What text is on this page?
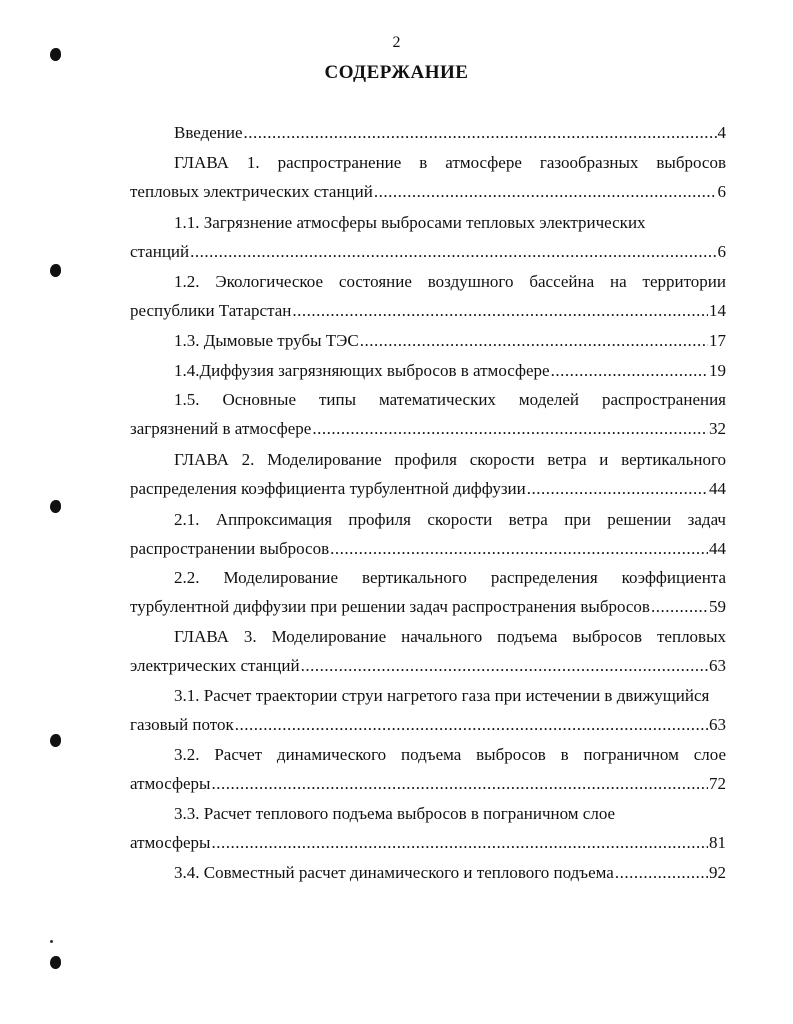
2
СОДЕРЖАНИЕ
Введение .....	4
ГЛАВА 1. распространение в атмосфере газообразных выбросов
тепловых электрических станций .....	6
1.1. Загрязнение атмосферы выбросами тепловых электрических
станций .....	6
1.2. Экологическое состояние воздушного бассейна на территории
республики Татарстан .....	14
1.3. Дымовые трубы ТЭС .....	17
1.4.Диффузия загрязняющих выбросов в атмосфере .....	19
1.5. Основные типы математических моделей распространения
загрязнений в атмосфере .....	32
ГЛАВА 2. Моделирование профиля скорости ветра и вертикального
распределения коэффициента турбулентной диффузии .....	44
2.1. Аппроксимация профиля скорости ветра при решении задач
распространении выбросов .....	44
2.2. Моделирование вертикального распределения коэффициента
турбулентной диффузии при решении задач распространения выбросов .....	59
ГЛАВА 3. Моделирование начального подъема выбросов тепловых
электрических станций .....	63
3.1. Расчет траектории струи нагретого газа при истечении в движущийся
газовый поток .....	63
3.2. Расчет динамического подъема выбросов в пограничном слое
атмосферы .....	72
3.3. Расчет теплового подъема выбросов в пограничном слое
атмосферы .....	81
3.4. Совместный расчет динамического и теплового подъема .....	92
